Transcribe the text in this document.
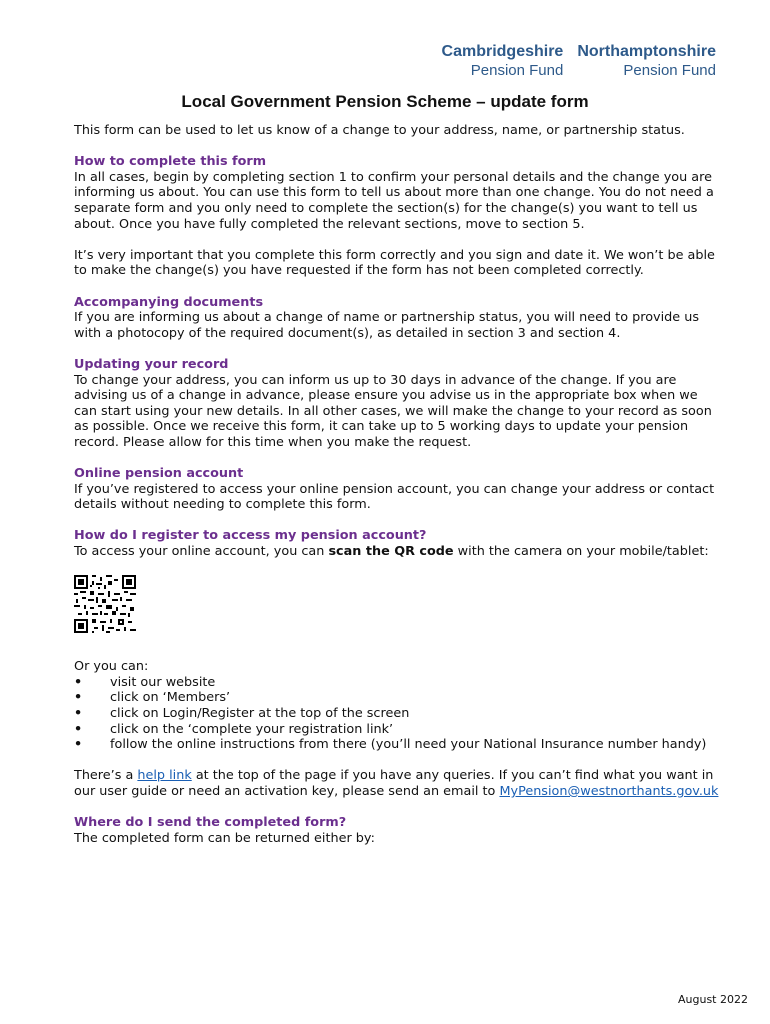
Cambridgeshire
Pension Fund
Northamptonshire
Pension Fund
Local Government Pension Scheme – update form

This form can be used to let us know of a change to your address, name, or partnership status.

How to complete this form

In all cases, begin by completing section 1 to confirm your personal details and the change you are informing us about. You can use this form to tell us about more than one change. You do not need a separate form and you only need to complete the section(s) for the change(s) you want to tell us about. Once you have fully completed the relevant sections, move to section 5.

It’s very important that you complete this form correctly and you sign and date it. We won’t be able to make the change(s) you have requested if the form has not been completed correctly.

Accompanying documents

If you are informing us about a change of name or partnership status, you will need to provide us with a photocopy of the required document(s), as detailed in section 3 and section 4.

Updating your record

To change your address, you can inform us up to 30 days in advance of the change. If you are advising us of a change in advance, please ensure you advise us in the appropriate box when we can start using your new details. In all other cases, we will make the change to your record as soon as possible. Once we receive this form, it can take up to 5 working days to update your pension record. Please allow for this time when you make the request.

Online pension account

If you’ve registered to access your online pension account, you can change your address or contact details without needing to complete this form.

How do I register to access my pension account?

To access your online account, you can scan the QR code with the camera on your mobile/tablet:

Or you can:

• visit our website
• click on ‘Members’
• click on Login/Register at the top of the screen
• click on the ‘complete your registration link’
• follow the online instructions from there (you’ll need your National Insurance number handy)

There’s a help link at the top of the page if you have any queries. If you can’t find what you want in our user guide or need an activation key, please send an email to MyPension@westnorthants.gov.uk

Where do I send the completed form?

The completed form can be returned either by:

August 2022
